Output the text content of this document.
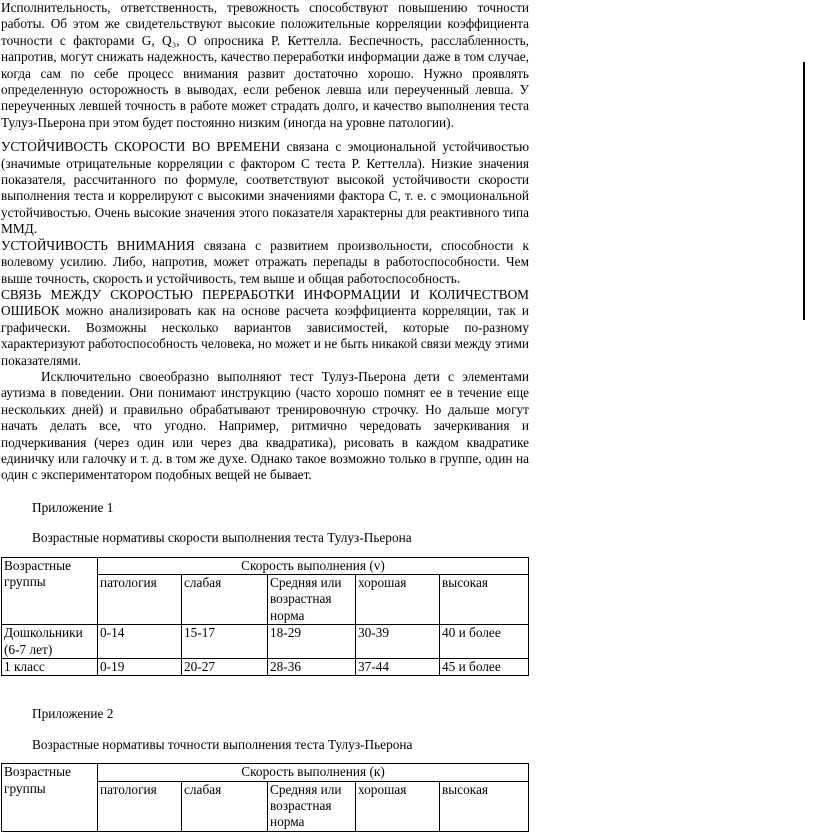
Исполнительность, ответственность, тревожность способствуют повышению точности работы. Об этом же свидетельствуют высокие положительные корреляции коэффициента точности с факторами G, Q₃, О опросника Р. Кеттелла. Беспечность, расслабленность, напротив, могут снижать надежность, качество переработки информации даже в том случае, когда сам по себе процесс внимания развит достаточно хорошо. Нужно проявлять определенную осторожность в выводах, если ребенок левша или переученный левша. У переученных левшей точность в работе может страдать долго, и качество выполнения теста Тулуз-Пьерона при этом будет постоянно низким (иногда на уровне патологии).

УСТОЙЧИВОСТЬ СКОРОСТИ ВО ВРЕМЕНИ связана с эмоциональной устойчивостью (значимые отрицательные корреляции с фактором С теста Р. Кеттелла). Низкие значения показателя, рассчитанного по формуле, соответствуют высокой устойчивости скорости выполнения теста и коррелируют с высокими значениями фактора С, т. е. с эмоциональной устойчивостью. Очень высокие значения этого показателя характерны для реактивного типа ММД.

УСТОЙЧИВОСТЬ ВНИМАНИЯ связана с развитием произвольности, способности к волевому усилию. Либо, напротив, может отражать перепады в работоспособности. Чем выше точность, скорость и устойчивость, тем выше и общая работоспособность.

СВЯЗЬ МЕЖДУ СКОРОСТЬЮ ПЕРЕРАБОТКИ ИНФОРМАЦИИ И КОЛИЧЕСТВОМ ОШИБОК можно анализировать как на основе расчета коэффициента корреляции, так и графически. Возможны несколько вариантов зависимостей, которые по-разному характеризуют работоспособность человека, но может и не быть никакой связи между этими показателями.

Исключительно своеобразно выполняют тест Тулуз-Пьерона дети с элементами аутизма в поведении. Они понимают инструкцию (часто хорошо помнят ее в течение еще нескольких дней) и правильно обрабатывают тренировочную строчку. Но дальше могут начать делать все, что угодно. Например, ритмично чередовать зачеркивания и подчеркивания (через один или через два квадратика), рисовать в каждом квадратике единичку или галочку и т. д. в том же духе. Однако такое возможно только в группе, один на один с экспериментатором подобных вещей не бывает.

Приложение 1

Возрастные нормативы скорости выполнения теста Тулуз-Пьерона

Возрастные группы	Скорость выполнения (v)				
	патология	слабая	Средняя или возрастная норма	хорошая	высокая
Дошкольники (6-7 лет)	0-14	15-17	18-29	30-39	40 и более
1 класс	0-19	20-27	28-36	37-44	45 и более

Приложение 2

Возрастные нормативы точности выполнения теста Тулуз-Пьерона

Возрастные группы	Скорость выполнения (к)				
	патология	слабая	Средняя или возрастная норма	хорошая	высокая
